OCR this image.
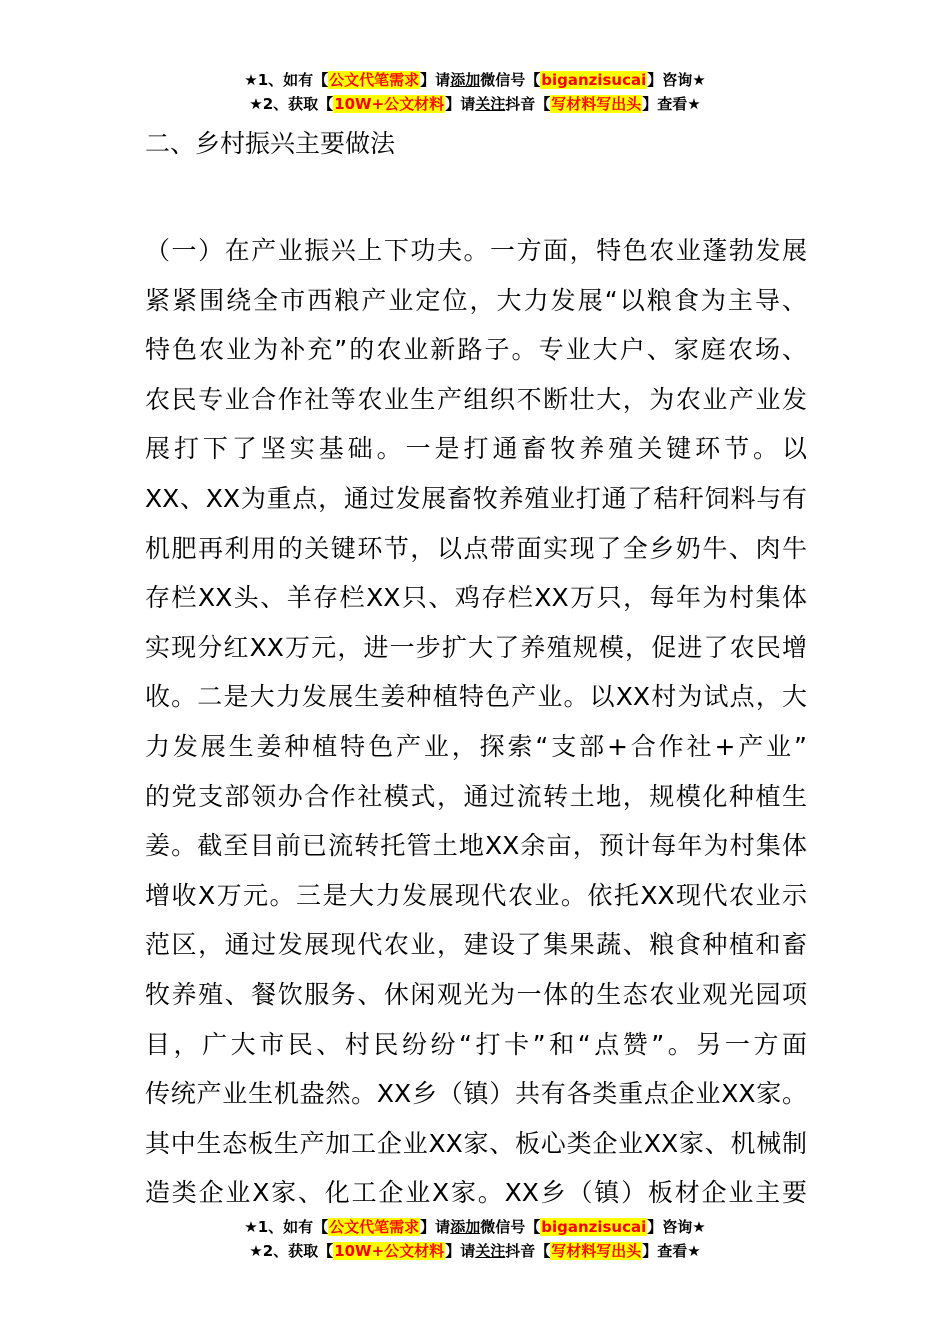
★1、如有【公文代笔需求】请添加微信号【biganzisucai】咨询★
★2、获取【10W+公文材料】请关注抖音【写材料写出头】查看★
二、乡村振兴主要做法
（一）在产业振兴上下功夫。一方面，特色农业蓬勃发展
紧紧围绕全市西粮产业定位，大力发展“以粮食为主导、
特色农业为补充”的农业新路子。专业大户、家庭农场、
农民专业合作社等农业生产组织不断壮大，为农业产业发
展打下了坚实基础。一是打通畜牧养殖关键环节。以
XX、XX为重点，通过发展畜牧养殖业打通了秸秆饲料与有
机肥再利用的关键环节，以点带面实现了全乡奶牛、肉牛
存栏XX头、羊存栏XX只、鸡存栏XX万只，每年为村集体
实现分红XX万元，进一步扩大了养殖规模，促进了农民增
收。二是大力发展生姜种植特色产业。以XX村为试点，大
力发展生姜种植特色产业，探索“支部+合作社+产业”
的党支部领办合作社模式，通过流转土地，规模化种植生
姜。截至目前已流转托管土地XX余亩，预计每年为村集体
增收X万元。三是大力发展现代农业。依托XX现代农业示
范区，通过发展现代农业，建设了集果蔬、粮食种植和畜
牧养殖、餐饮服务、休闲观光为一体的生态农业观光园项
目，广大市民、村民纷纷“打卡”和“点赞”。另一方面
传统产业生机盎然。XX乡（镇）共有各类重点企业XX家。
其中生态板生产加工企业XX家、板心类企业XX家、机械制
造类企业X家、化工企业X家。XX乡（镇）板材企业主要
★1、如有【公文代笔需求】请添加微信号【biganzisucai】咨询★
★2、获取【10W+公文材料】请关注抖音【写材料写出头】查看★
